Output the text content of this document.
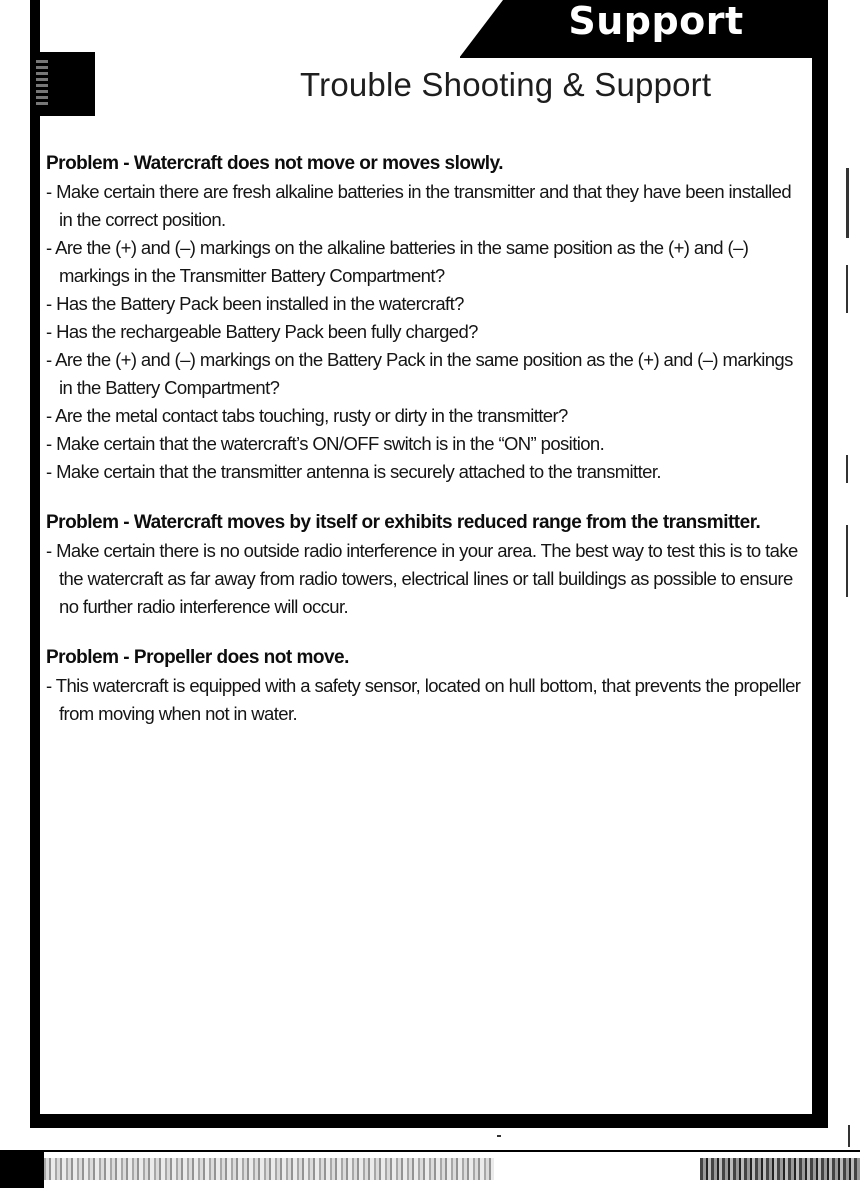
Support
Trouble Shooting & Support
Problem - Watercraft does not move or moves slowly.
- Make certain there are fresh alkaline batteries in the transmitter and that they have been installed in the correct position.
- Are the (+) and (–) markings on the alkaline batteries in the same position as the (+) and (–) markings in the Transmitter Battery Compartment?
- Has the Battery Pack been installed in the watercraft?
- Has the rechargeable Battery Pack been fully charged?
- Are the (+) and (–) markings on the Battery Pack in the same position as the (+) and (–) markings in the Battery Compartment?
- Are the metal contact tabs touching, rusty or dirty in the transmitter?
- Make certain that the watercraft’s ON/OFF switch is in the “ON” position.
- Make certain that the transmitter antenna is securely attached to the transmitter.
Problem - Watercraft moves by itself or exhibits reduced range from the transmitter.
- Make certain there is no outside radio interference in your area. The best way to test this is to take the watercraft as far away from radio towers, electrical lines or tall buildings as possible to ensure no further radio interference will occur.
Problem - Propeller does not move.
- This watercraft is equipped with a safety sensor, located on hull bottom, that prevents the propeller from moving when not in water.
